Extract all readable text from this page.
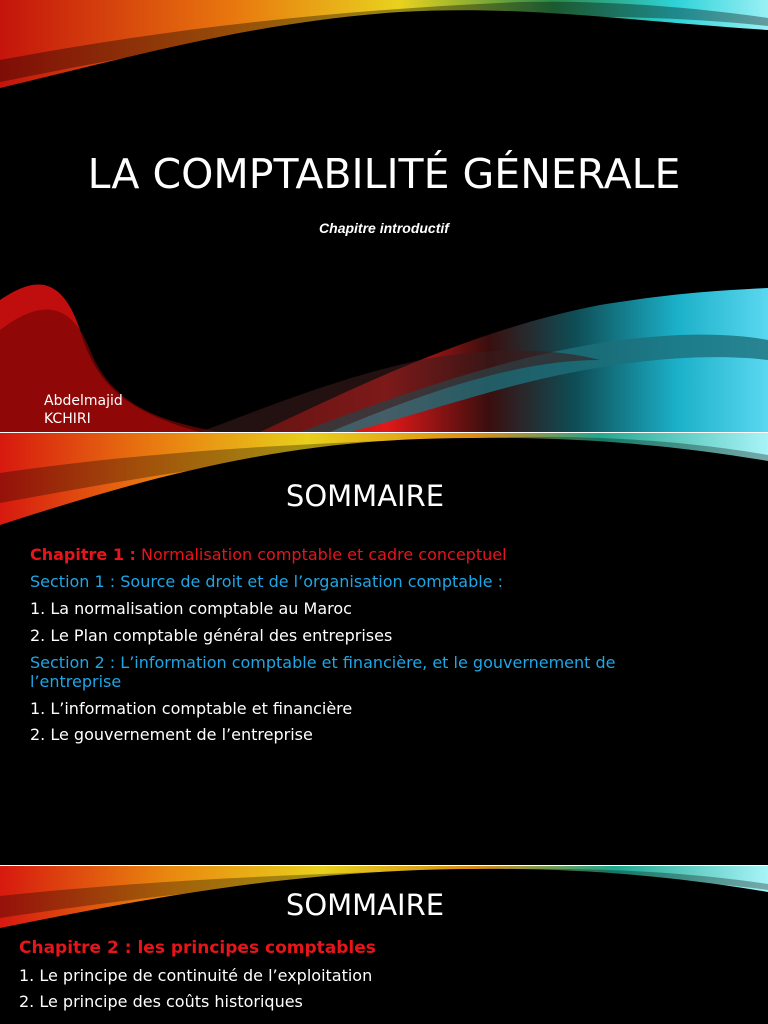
LA COMPTABILITÉ GÉNERALE

Chapitre introductif

Abdelmajid
KCHIRI
SOMMAIRE
Chapitre 1 : Normalisation comptable et cadre conceptuel
Section 1 : Source de droit et de l’organisation comptable :
1. La normalisation comptable au Maroc
2. Le Plan comptable général des entreprises
Section 2 : L’information comptable et financière, et le gouvernement de
l’entreprise
1. L’information comptable et financière
2. Le gouvernement de l’entreprise
SOMMAIRE
Chapitre 2 : les principes comptables
1. Le principe de continuité de l’exploitation
2. Le principe des coûts historiques
